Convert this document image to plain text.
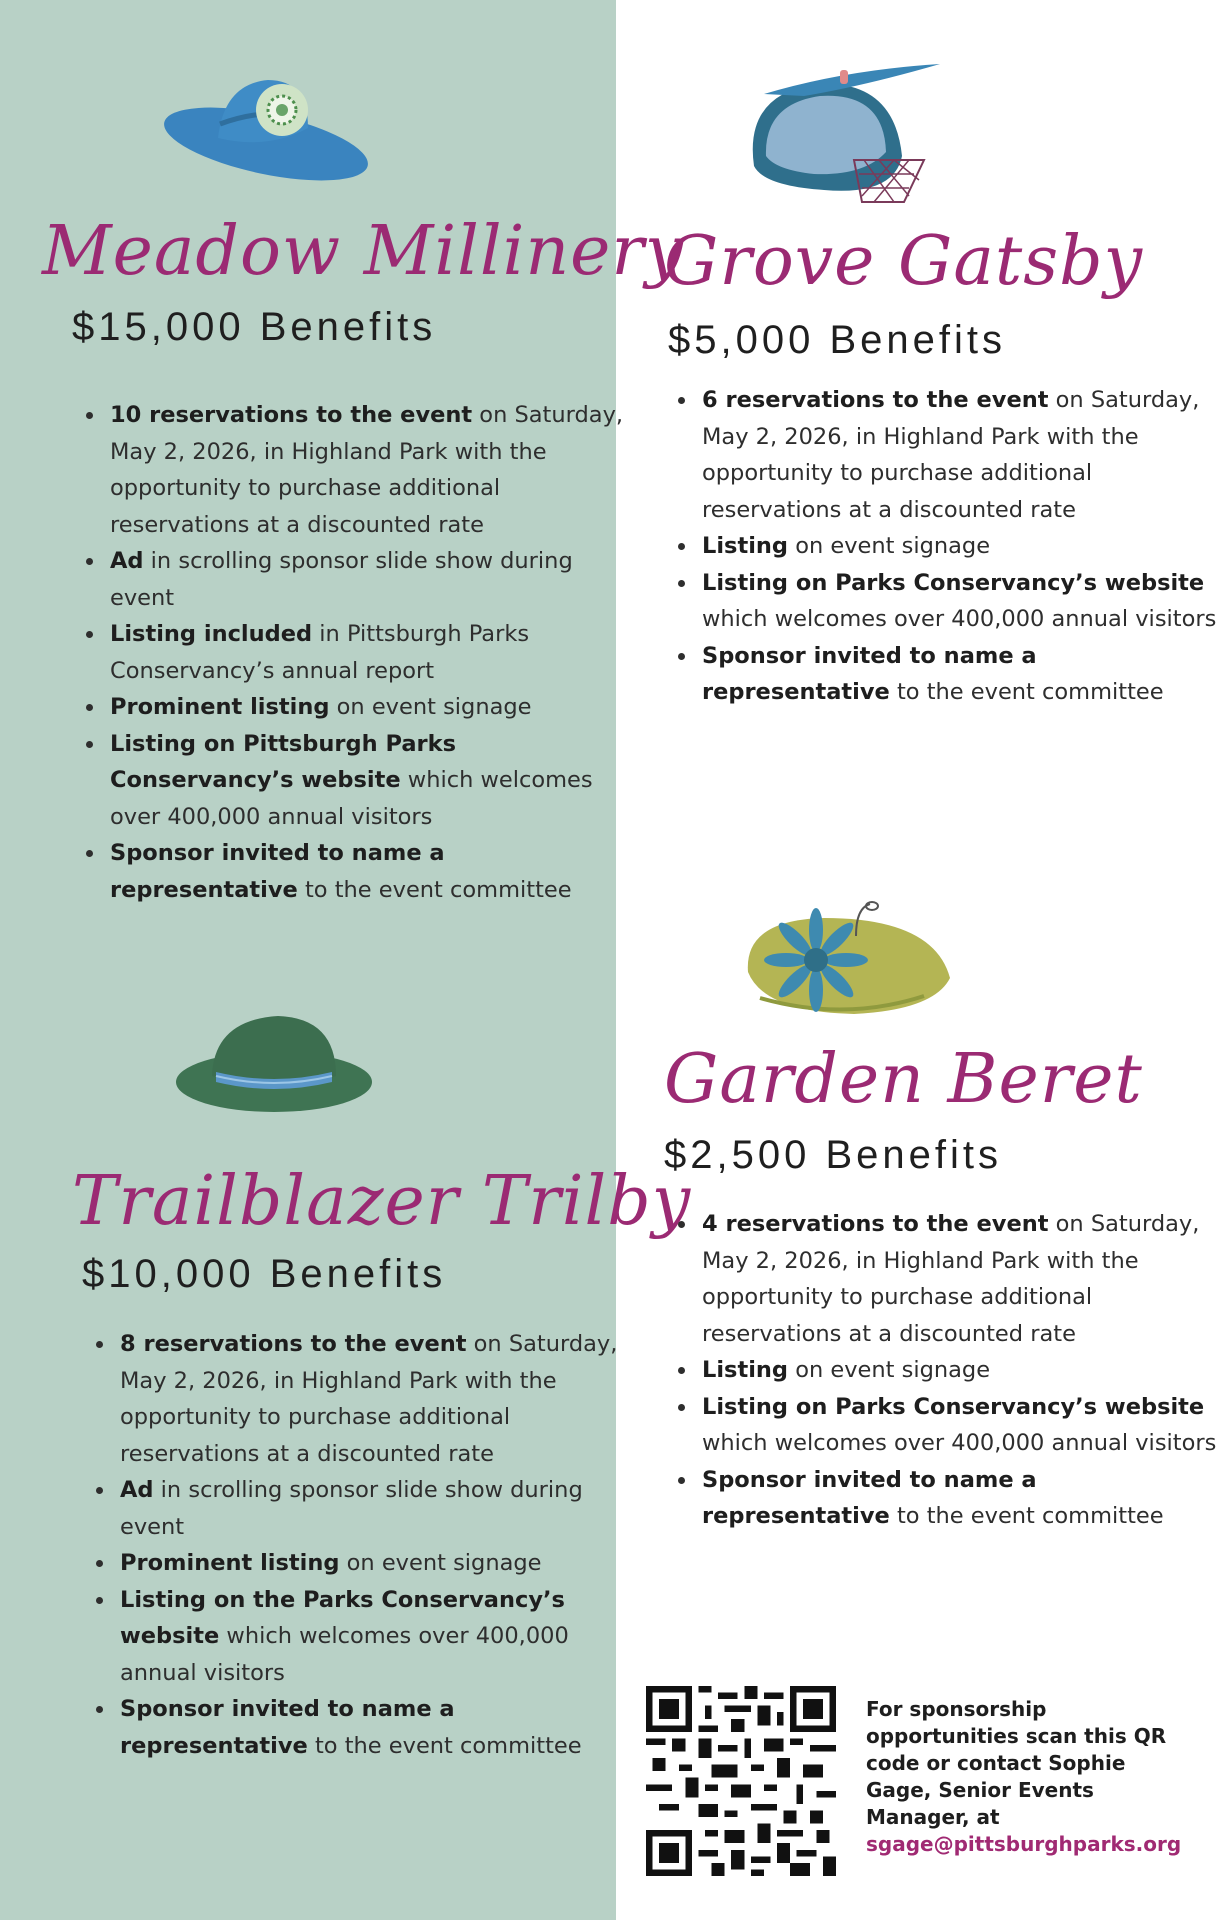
Meadow Millinery
$15,000 Benefits
• 10 reservations to the event on Saturday, May 2, 2026, in Highland Park with the opportunity to purchase additional reservations at a discounted rate
• Ad in scrolling sponsor slide show during event
• Listing included in Pittsburgh Parks Conservancy’s annual report
• Prominent listing on event signage
• Listing on Pittsburgh Parks Conservancy’s website which welcomes over 400,000 annual visitors
• Sponsor invited to name a representative to the event committee
Grove Gatsby
$5,000 Benefits
• 6 reservations to the event on Saturday, May 2, 2026, in Highland Park with the opportunity to purchase additional reservations at a discounted rate
• Listing on event signage
• Listing on Parks Conservancy’s website which welcomes over 400,000 annual visitors
• Sponsor invited to name a representative to the event committee
Trailblazer Trilby
$10,000 Benefits
• 8 reservations to the event on Saturday, May 2, 2026, in Highland Park with the opportunity to purchase additional reservations at a discounted rate
• Ad in scrolling sponsor slide show during event
• Prominent listing on event signage
• Listing on the Parks Conservancy’s website which welcomes over 400,000 annual visitors
• Sponsor invited to name a representative to the event committee
Garden Beret
$2,500 Benefits
• 4 reservations to the event on Saturday, May 2, 2026, in Highland Park with the opportunity to purchase additional reservations at a discounted rate
• Listing on event signage
• Listing on Parks Conservancy’s website which welcomes over 400,000 annual visitors
• Sponsor invited to name a representative to the event committee
For sponsorship opportunities scan this QR code or contact Sophie Gage, Senior Events Manager, at
sgage@pittsburghparks.org
